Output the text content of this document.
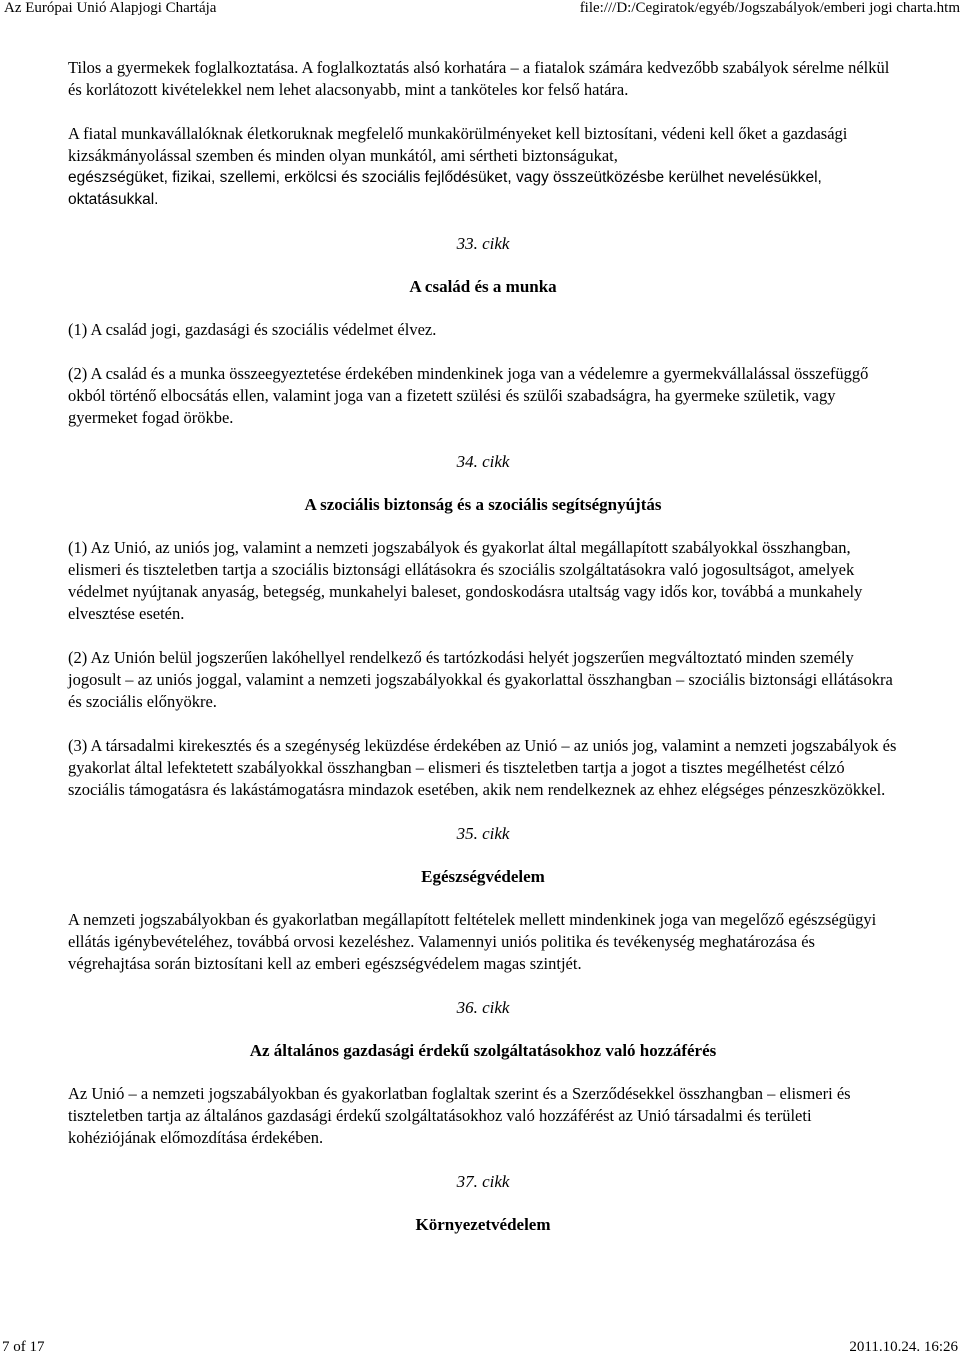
Az Európai Unió Alapjogi Chartája	file:///D:/Cegiratok/egyéb/Jogszabályok/emberi jogi charta.htm

Tilos a gyermekek foglalkoztatása. A foglalkoztatás alsó korhatára – a fiatalok számára kedvezőbb szabályok sérelme nélkül és korlátozott kivételekkel nem lehet alacsonyabb, mint a tanköteles kor felső határa.

A fiatal munkavállalóknak életkoruknak megfelelő munkakörülményeket kell biztosítani, védeni kell őket a gazdasági kizsákmányolással szemben és minden olyan munkától, ami sértheti biztonságukat,

egészségüket, fizikai, szellemi, erkölcsi és szociális fejlődésüket, vagy összeütközésbe kerülhet nevelésükkel, oktatásukkal.

33. cikk
A család és a munka

(1) A család jogi, gazdasági és szociális védelmet élvez.

(2) A család és a munka összeegyeztetése érdekében mindenkinek joga van a védelemre a gyermekvállalással összefüggő okból történő elbocsátás ellen, valamint joga van a fizetett szülési és szülői szabadságra, ha gyermeke születik, vagy gyermeket fogad örökbe.

34. cikk
A szociális biztonság és a szociális segítségnyújtás

(1) Az Unió, az uniós jog, valamint a nemzeti jogszabályok és gyakorlat által megállapított szabályokkal összhangban, elismeri és tiszteletben tartja a szociális biztonsági ellátásokra és szociális szolgáltatásokra való jogosultságot, amelyek védelmet nyújtanak anyaság, betegség, munkahelyi baleset, gondoskodásra utaltság vagy idős kor, továbbá a munkahely elvesztése esetén.

(2) Az Unión belül jogszerűen lakóhellyel rendelkező és tartózkodási helyét jogszerűen megváltoztató minden személy jogosult – az uniós joggal, valamint a nemzeti jogszabályokkal és gyakorlattal összhangban – szociális biztonsági ellátásokra és szociális előnyökre.

(3) A társadalmi kirekesztés és a szegénység leküzdése érdekében az Unió – az uniós jog, valamint a nemzeti jogszabályok és gyakorlat által lefektetett szabályokkal összhangban – elismeri és tiszteletben tartja a jogot a tisztes megélhetést célzó szociális támogatásra és lakástámogatásra mindazok esetében, akik nem rendelkeznek az ehhez elégséges pénzeszközökkel.

35. cikk
Egészségvédelem

A nemzeti jogszabályokban és gyakorlatban megállapított feltételek mellett mindenkinek joga van megelőző egészségügyi ellátás igénybevételéhez, továbbá orvosi kezeléshez. Valamennyi uniós politika és tevékenység meghatározása és végrehajtása során biztosítani kell az emberi egészségvédelem magas szintjét.

36. cikk
Az általános gazdasági érdekű szolgáltatásokhoz való hozzáférés

Az Unió – a nemzeti jogszabályokban és gyakorlatban foglaltak szerint és a Szerződésekkel összhangban – elismeri és tiszteletben tartja az általános gazdasági érdekű szolgáltatásokhoz való hozzáférést az Unió társadalmi és területi kohéziójának előmozdítása érdekében.

37. cikk
Környezetvédelem
7 of 17	2011.10.24. 16:26
